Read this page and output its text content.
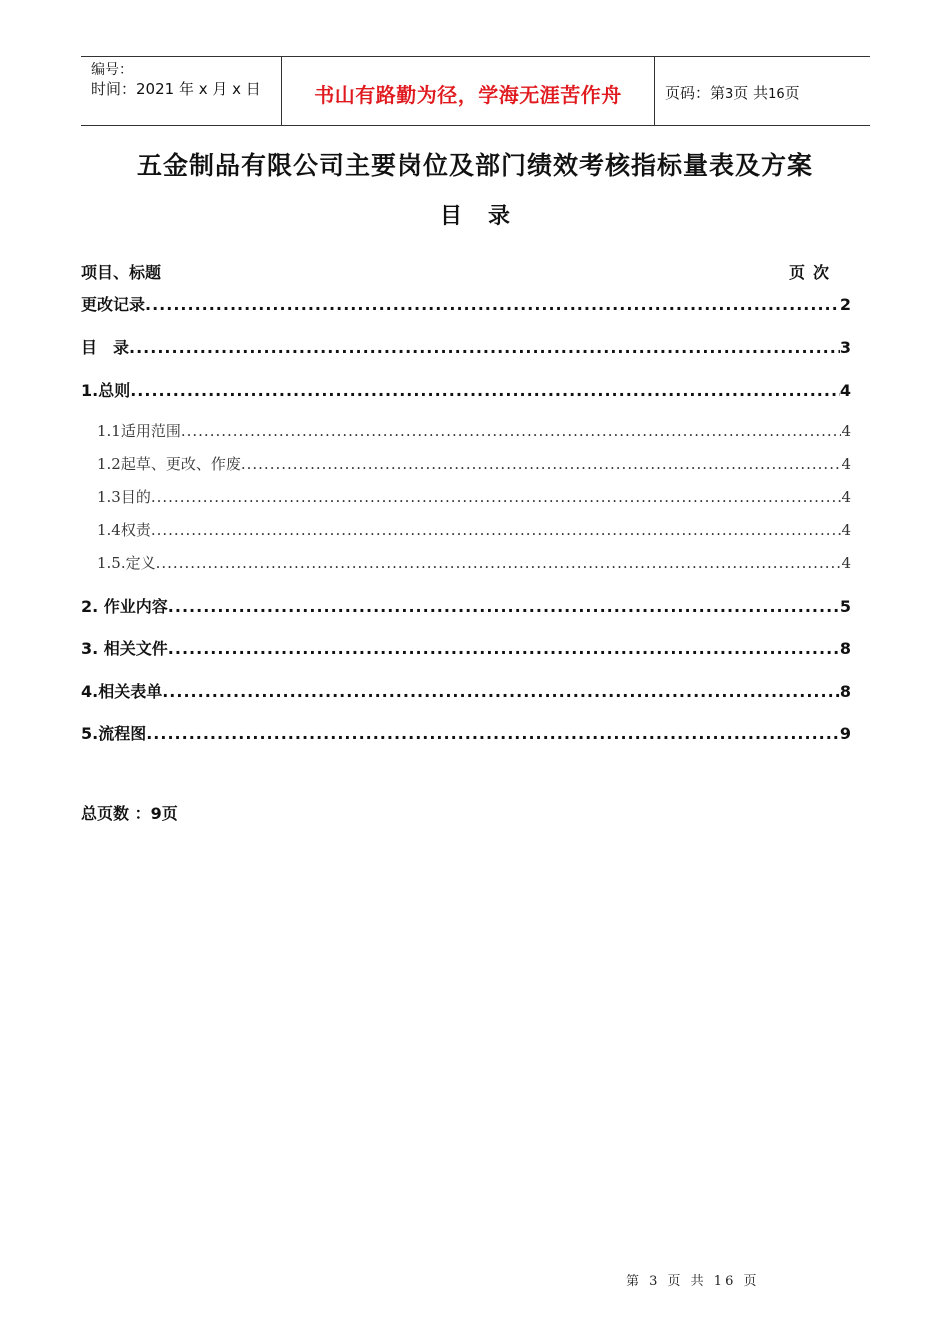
编号：
时间：2021 年 x 月 x 日	书山有路勤为径，学海无涯苦作舟	页码：第3页 共16页
五金制品有限公司主要岗位及部门绩效考核指标量表及方案
目录
项目、标题	页次
更改记录 .....	2
目　录 .....	3
1.总则 .....	4
1.1适用范围 .....	4
1.2起草、更改、作废 .....	4
1.3目的 .....	4
1.4权责 .....	4
1.5.定义 .....	4
2. 作业内容 .....	5
3. 相关文件 .....	8
4.相关表单 .....	8
5.流程图 .....	9
总页数 ：9页
第 3 页 共 16 页
